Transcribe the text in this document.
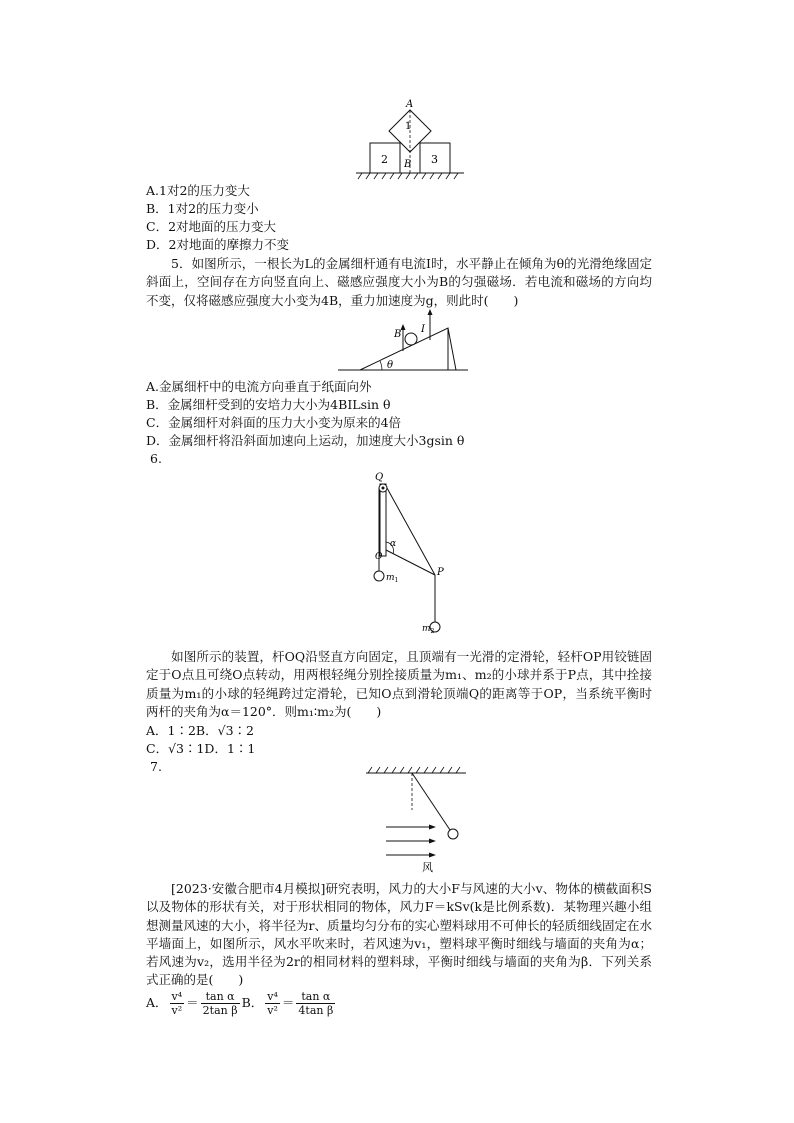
A
1
2	3
B
A.1对2的压力变大
B．1对2的压力变小
C．2对地面的压力变大
D．2对地面的摩擦力不变
5．如图所示，一根长为L的金属细杆通有电流I时，水平静止在倾角为θ的光滑绝缘固定斜面上，空间存在方向竖直向上、磁感应强度大小为B的匀强磁场．若电流和磁场的方向均不变，仅将磁感应强度大小变为4B，重力加速度为g，则此时(　　)
θ
B I
A.金属细杆中的电流方向垂直于纸面向外
B．金属细杆受到的安培力大小为4BILsin θ
C．金属细杆对斜面的压力大小变为原来的4倍
D．金属细杆将沿斜面加速向上运动，加速度大小3gsin θ
6.
Q
α
O
P
$m_1$
$m_2$
如图所示的装置，杆OQ沿竖直方向固定，且顶端有一光滑的定滑轮，轻杆OP用铰链固定于O点且可绕O点转动，用两根轻绳分别拴接质量为m₁、m₂的小球并系于P点，其中拴接质量为m₁的小球的轻绳跨过定滑轮，已知O点到滑轮顶端Q的距离等于OP，当系统平衡时两杆的夹角为α＝120°．则m₁∶m₂为(　　)
A．1∶2B．√3∶2
C．√3∶1D．1∶1
7.
风
[2023·安徽合肥市4月模拟]研究表明，风力的大小F与风速的大小v、物体的横截面积S以及物体的形状有关，对于形状相同的物体，风力F＝kSv(k是比例系数)．某物理兴趣小组想测量风速的大小，将半径为r、质量均匀分布的实心塑料球用不可伸长的轻质细线固定在水平墙面上，如图所示，风水平吹来时，若风速为v₁，塑料球平衡时细线与墙面的夹角为α；若风速为v₂，选用半径为2r的相同材料的塑料球，平衡时细线与墙面的夹角为β．下列关系式正确的是(　　)
A． $\frac{\text{v⁴}}{\text{v²}} = \frac{\text{tan α}}{\text{2tan β}}$ B． $\frac{\text{v⁴}}{\text{v²}} = \frac{\text{tan α}}{\text{4tan β}}$
